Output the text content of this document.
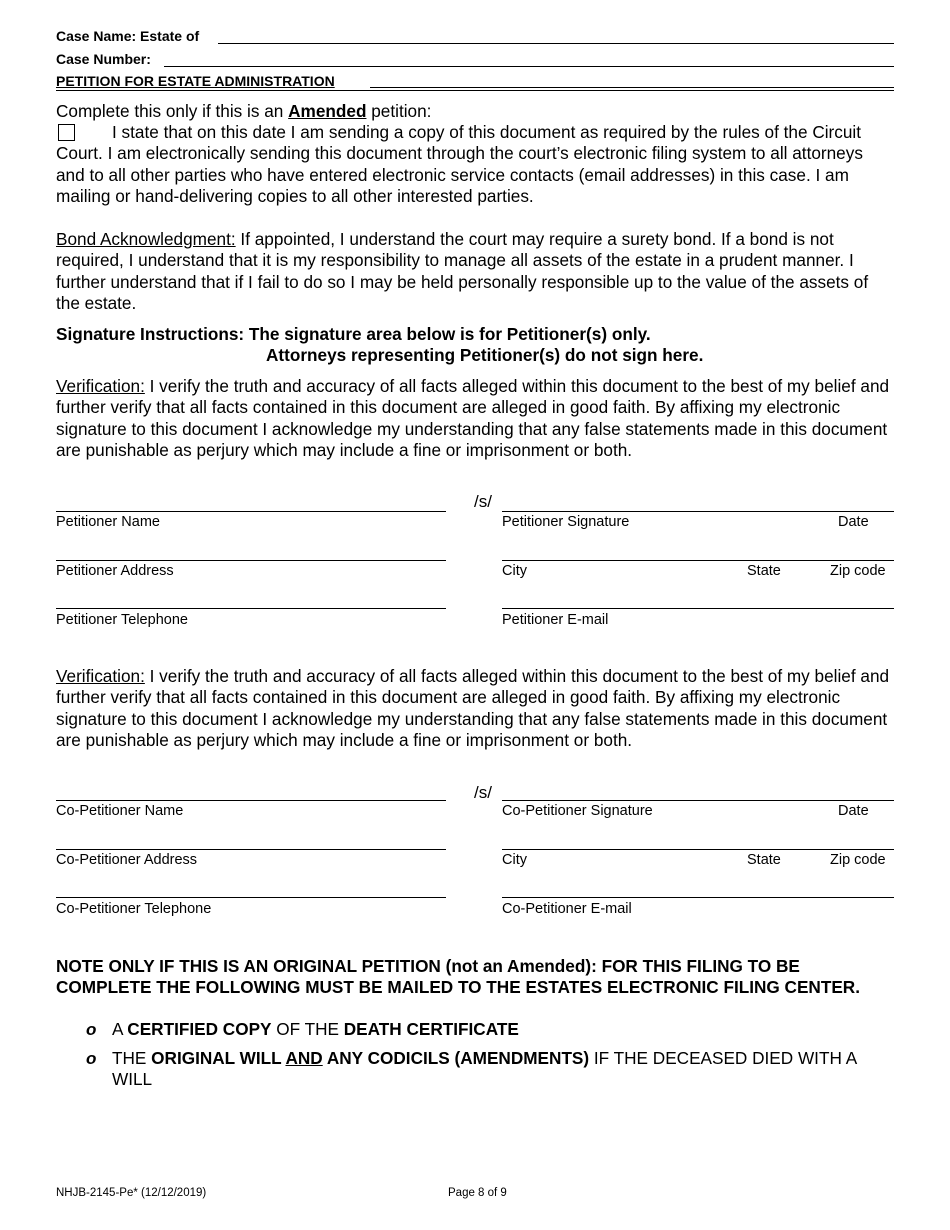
Case Name: Estate of
Case Number:
PETITION FOR ESTATE ADMINISTRATION
Complete this only if this is an Amended petition:
I state that on this date I am sending a copy of this document as required by the rules of the Circuit Court. I am electronically sending this document through the court’s electronic filing system to all attorneys and to all other parties who have entered electronic service contacts (email addresses) in this case. I am mailing or hand-delivering copies to all other interested parties.
Bond Acknowledgment: If appointed, I understand the court may require a surety bond. If a bond is not required, I understand that it is my responsibility to manage all assets of the estate in a prudent manner. I further understand that if I fail to do so I may be held personally responsible up to the value of the assets of the estate.
Signature Instructions: The signature area below is for Petitioner(s) only.
Attorneys representing Petitioner(s) do not sign here.
Verification: I verify the truth and accuracy of all facts alleged within this document to the best of my belief and further verify that all facts contained in this document are alleged in good faith. By affixing my electronic signature to this document I acknowledge my understanding that any false statements made in this document are punishable as perjury which may include a fine or imprisonment or both.
/s/
Petitioner Name	Petitioner Signature	Date
Petitioner Address	City	State	Zip code
Petitioner Telephone	Petitioner E-mail
Verification: I verify the truth and accuracy of all facts alleged within this document to the best of my belief and further verify that all facts contained in this document are alleged in good faith. By affixing my electronic signature to this document I acknowledge my understanding that any false statements made in this document are punishable as perjury which may include a fine or imprisonment or both.
/s/
Co-Petitioner Name	Co-Petitioner Signature	Date
Co-Petitioner Address	City	State	Zip code
Co-Petitioner Telephone	Co-Petitioner E-mail
NOTE ONLY IF THIS IS AN ORIGINAL PETITION (not an Amended): FOR THIS FILING TO BE COMPLETE THE FOLLOWING MUST BE MAILED TO THE ESTATES ELECTRONIC FILING CENTER.
o A CERTIFIED COPY OF THE DEATH CERTIFICATE
o THE ORIGINAL WILL AND ANY CODICILS (AMENDMENTS) IF THE DECEASED DIED WITH A WILL
NHJB-2145-Pe* (12/12/2019)	Page 8 of 9
